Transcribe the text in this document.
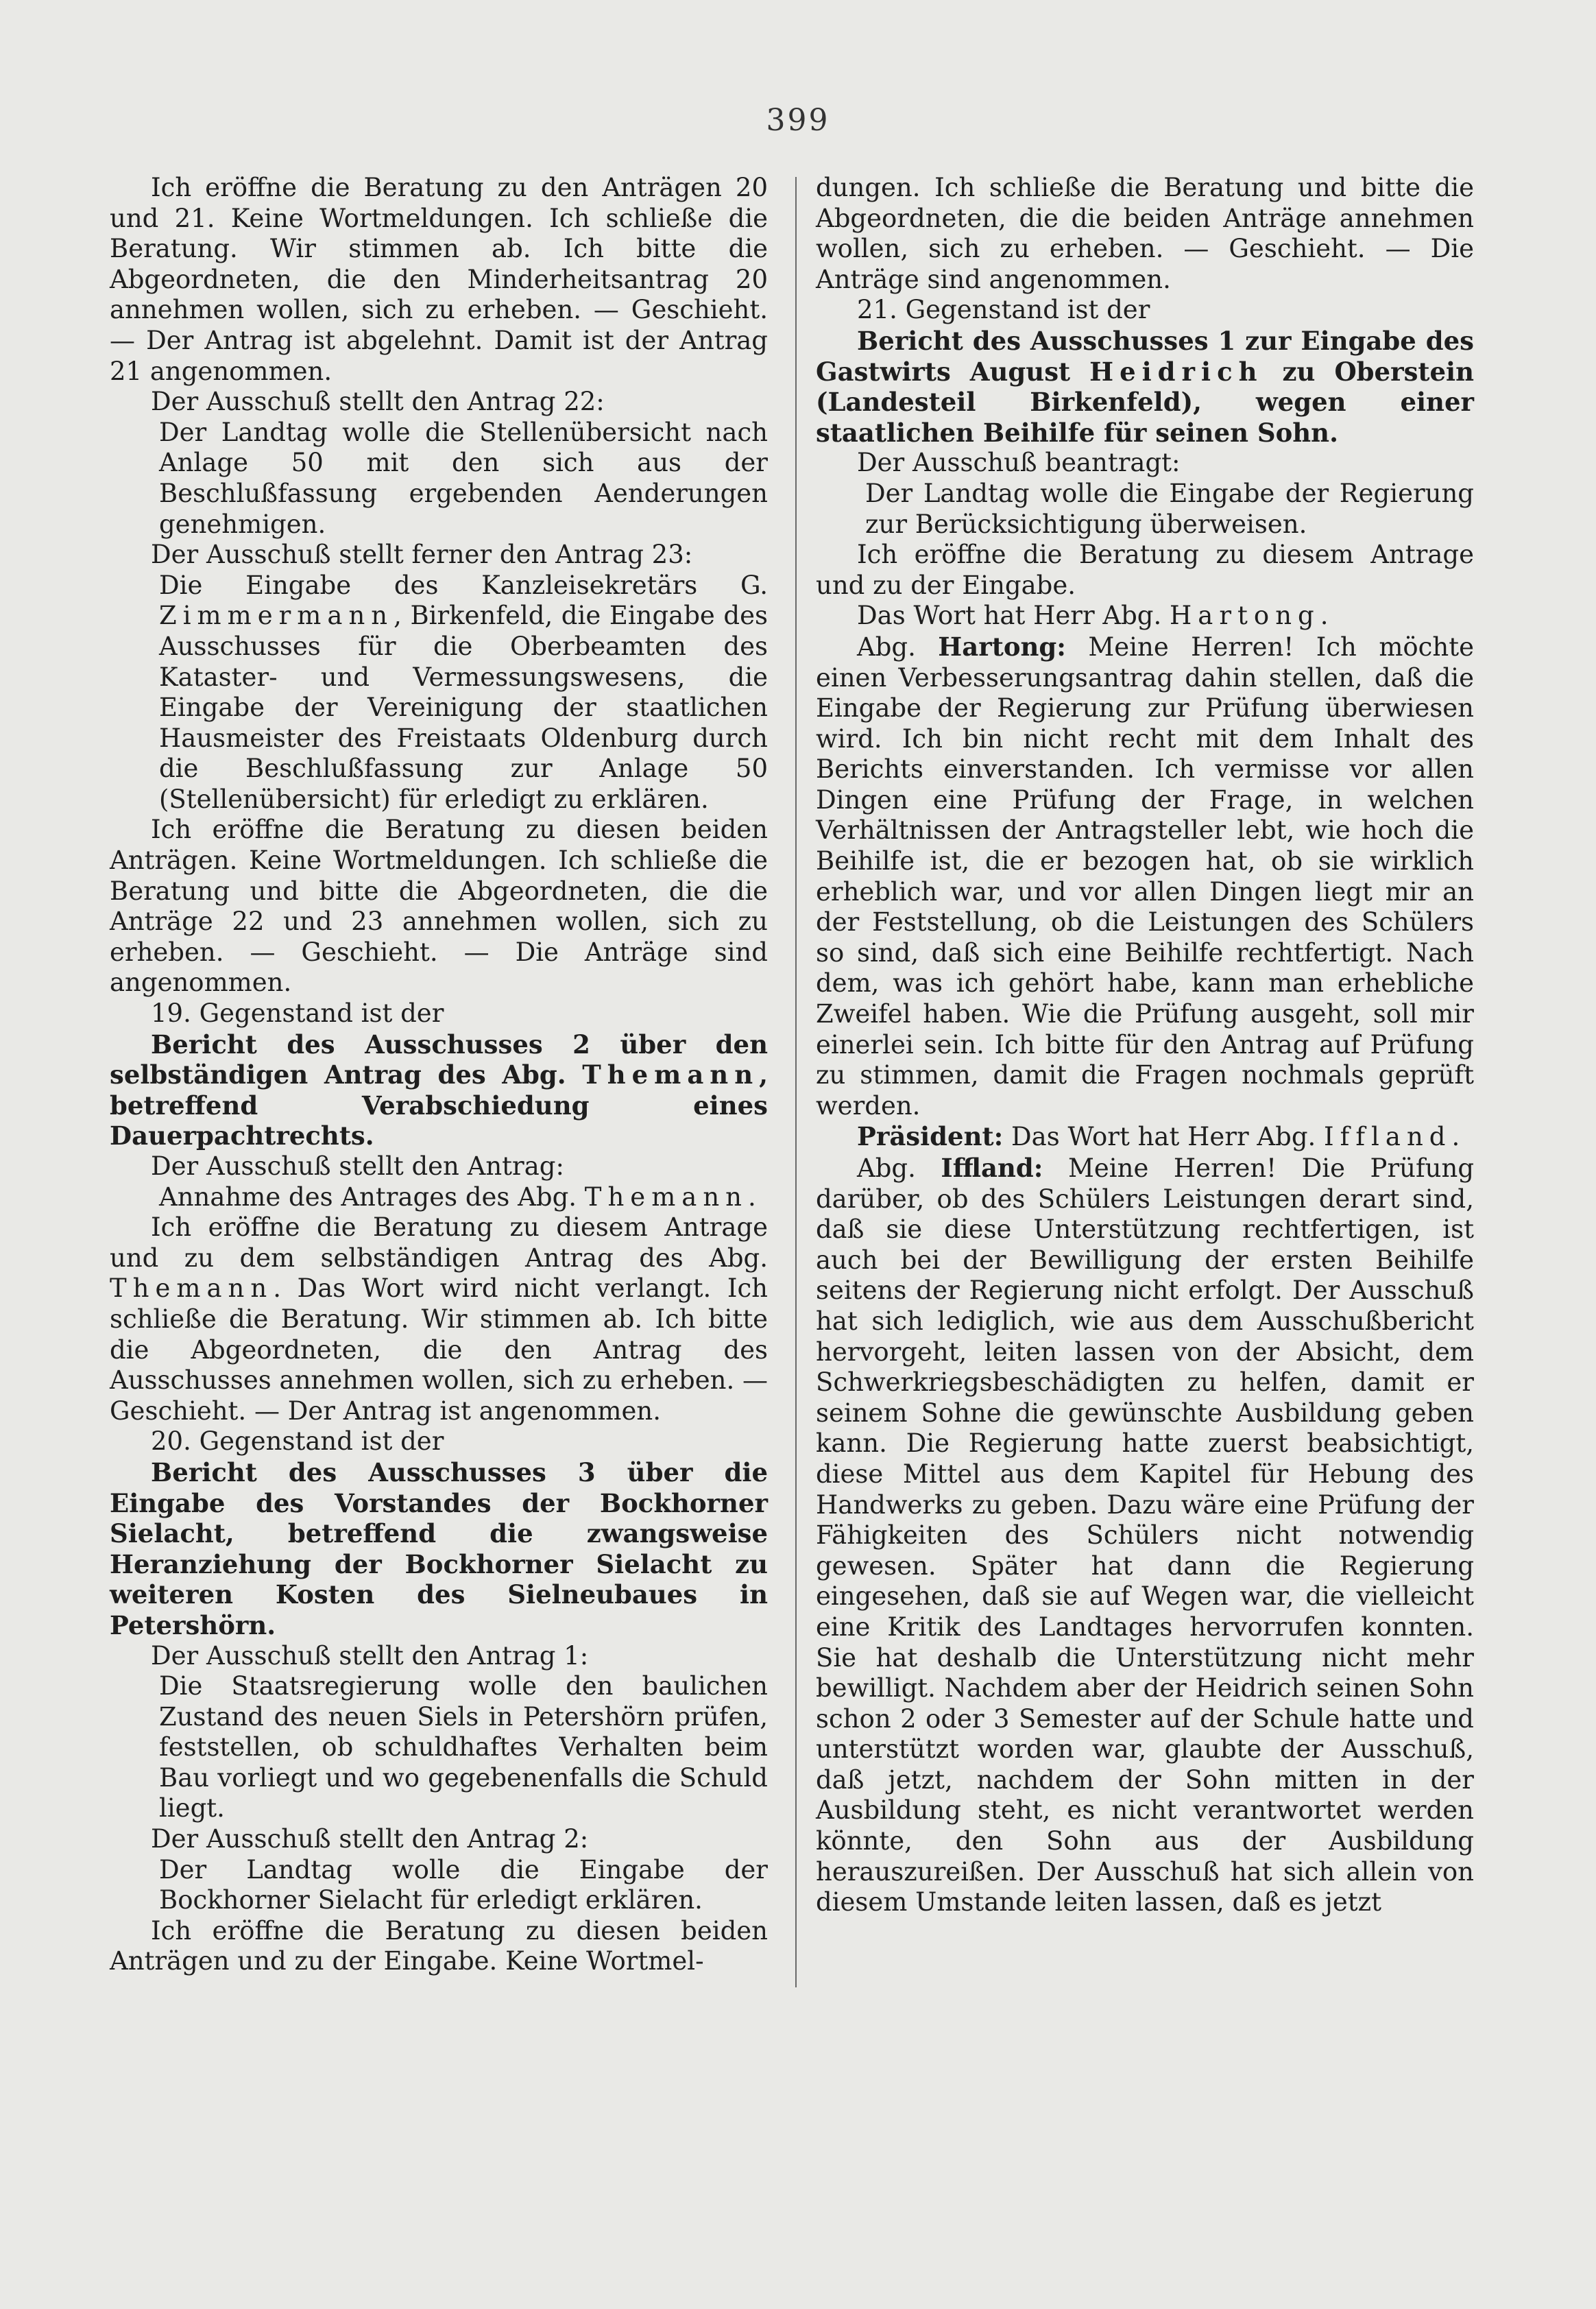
399

Ich eröffne die Beratung zu den Anträgen 20 und 21. Keine Wortmeldungen. Ich schließe die Beratung. Wir stimmen ab. Ich bitte die Abgeordneten, die den Minderheitsantrag 20 annehmen wollen, sich zu erheben. — Geschieht. — Der Antrag ist abgelehnt. Damit ist der Antrag 21 angenommen.

Der Ausschuß stellt den Antrag 22:

Der Landtag wolle die Stellenübersicht nach Anlage 50 mit den sich aus der Beschlußfassung ergebenden Aenderungen genehmigen.

Der Ausschuß stellt ferner den Antrag 23:

Die Eingabe des Kanzleisekretärs G. Zimmermann, Birkenfeld, die Eingabe des Ausschusses für die Oberbeamten des Kataster- und Vermessungswesens, die Eingabe der Vereinigung der staatlichen Hausmeister des Freistaats Oldenburg durch die Beschlußfassung zur Anlage 50 (Stellenübersicht) für erledigt zu erklären.

Ich eröffne die Beratung zu diesen beiden Anträgen. Keine Wortmeldungen. Ich schließe die Beratung und bitte die Abgeordneten, die die Anträge 22 und 23 annehmen wollen, sich zu erheben. — Geschieht. — Die Anträge sind angenommen.

19. Gegenstand ist der

Bericht des Ausschusses 2 über den selbständigen Antrag des Abg. Themann, betreffend Verabschiedung eines Dauerpachtrechts.

Der Ausschuß stellt den Antrag:

Annahme des Antrages des Abg. Themann.

Ich eröffne die Beratung zu diesem Antrage und zu dem selbständigen Antrag des Abg. Themann. Das Wort wird nicht verlangt. Ich schließe die Beratung. Wir stimmen ab. Ich bitte die Abgeordneten, die den Antrag des Ausschusses annehmen wollen, sich zu erheben. — Geschieht. — Der Antrag ist angenommen.

20. Gegenstand ist der

Bericht des Ausschusses 3 über die Eingabe des Vorstandes der Bockhorner Sielacht, betreffend die zwangsweise Heranziehung der Bockhorner Sielacht zu weiteren Kosten des Sielneubaues in Petershörn.

Der Ausschuß stellt den Antrag 1:

Die Staatsregierung wolle den baulichen Zustand des neuen Siels in Petershörn prüfen, feststellen, ob schuldhaftes Verhalten beim Bau vorliegt und wo gegebenenfalls die Schuld liegt.

Der Ausschuß stellt den Antrag 2:

Der Landtag wolle die Eingabe der Bockhorner Sielacht für erledigt erklären.

Ich eröffne die Beratung zu diesen beiden Anträgen und zu der Eingabe. Keine Wortmel-

dungen. Ich schließe die Beratung und bitte die Abgeordneten, die die beiden Anträge annehmen wollen, sich zu erheben. — Geschieht. — Die Anträge sind angenommen.

21. Gegenstand ist der

Bericht des Ausschusses 1 zur Eingabe des Gastwirts August Heidrich zu Oberstein (Landesteil Birkenfeld), wegen einer staatlichen Beihilfe für seinen Sohn.

Der Ausschuß beantragt:

Der Landtag wolle die Eingabe der Regierung zur Berücksichtigung überweisen.

Ich eröffne die Beratung zu diesem Antrage und zu der Eingabe.

Das Wort hat Herr Abg. Hartong.

Abg. Hartong: Meine Herren! Ich möchte einen Verbesserungsantrag dahin stellen, daß die Eingabe der Regierung zur Prüfung überwiesen wird. Ich bin nicht recht mit dem Inhalt des Berichts einverstanden. Ich vermisse vor allen Dingen eine Prüfung der Frage, in welchen Verhältnissen der Antragsteller lebt, wie hoch die Beihilfe ist, die er bezogen hat, ob sie wirklich erheblich war, und vor allen Dingen liegt mir an der Feststellung, ob die Leistungen des Schülers so sind, daß sich eine Beihilfe rechtfertigt. Nach dem, was ich gehört habe, kann man erhebliche Zweifel haben. Wie die Prüfung ausgeht, soll mir einerlei sein. Ich bitte für den Antrag auf Prüfung zu stimmen, damit die Fragen nochmals geprüft werden.

Präsident: Das Wort hat Herr Abg. Iffland.

Abg. Iffland: Meine Herren! Die Prüfung darüber, ob des Schülers Leistungen derart sind, daß sie diese Unterstützung rechtfertigen, ist auch bei der Bewilligung der ersten Beihilfe seitens der Regierung nicht erfolgt. Der Ausschuß hat sich lediglich, wie aus dem Ausschußbericht hervorgeht, leiten lassen von der Absicht, dem Schwerkriegsbeschädigten zu helfen, damit er seinem Sohne die gewünschte Ausbildung geben kann. Die Regierung hatte zuerst beabsichtigt, diese Mittel aus dem Kapitel für Hebung des Handwerks zu geben. Dazu wäre eine Prüfung der Fähigkeiten des Schülers nicht notwendig gewesen. Später hat dann die Regierung eingesehen, daß sie auf Wegen war, die vielleicht eine Kritik des Landtages hervorrufen konnten. Sie hat deshalb die Unterstützung nicht mehr bewilligt. Nachdem aber der Heidrich seinen Sohn schon 2 oder 3 Semester auf der Schule hatte und unterstützt worden war, glaubte der Ausschuß, daß jetzt, nachdem der Sohn mitten in der Ausbildung steht, es nicht verantwortet werden könnte, den Sohn aus der Ausbildung herauszureißen. Der Ausschuß hat sich allein von diesem Umstande leiten lassen, daß es jetzt
